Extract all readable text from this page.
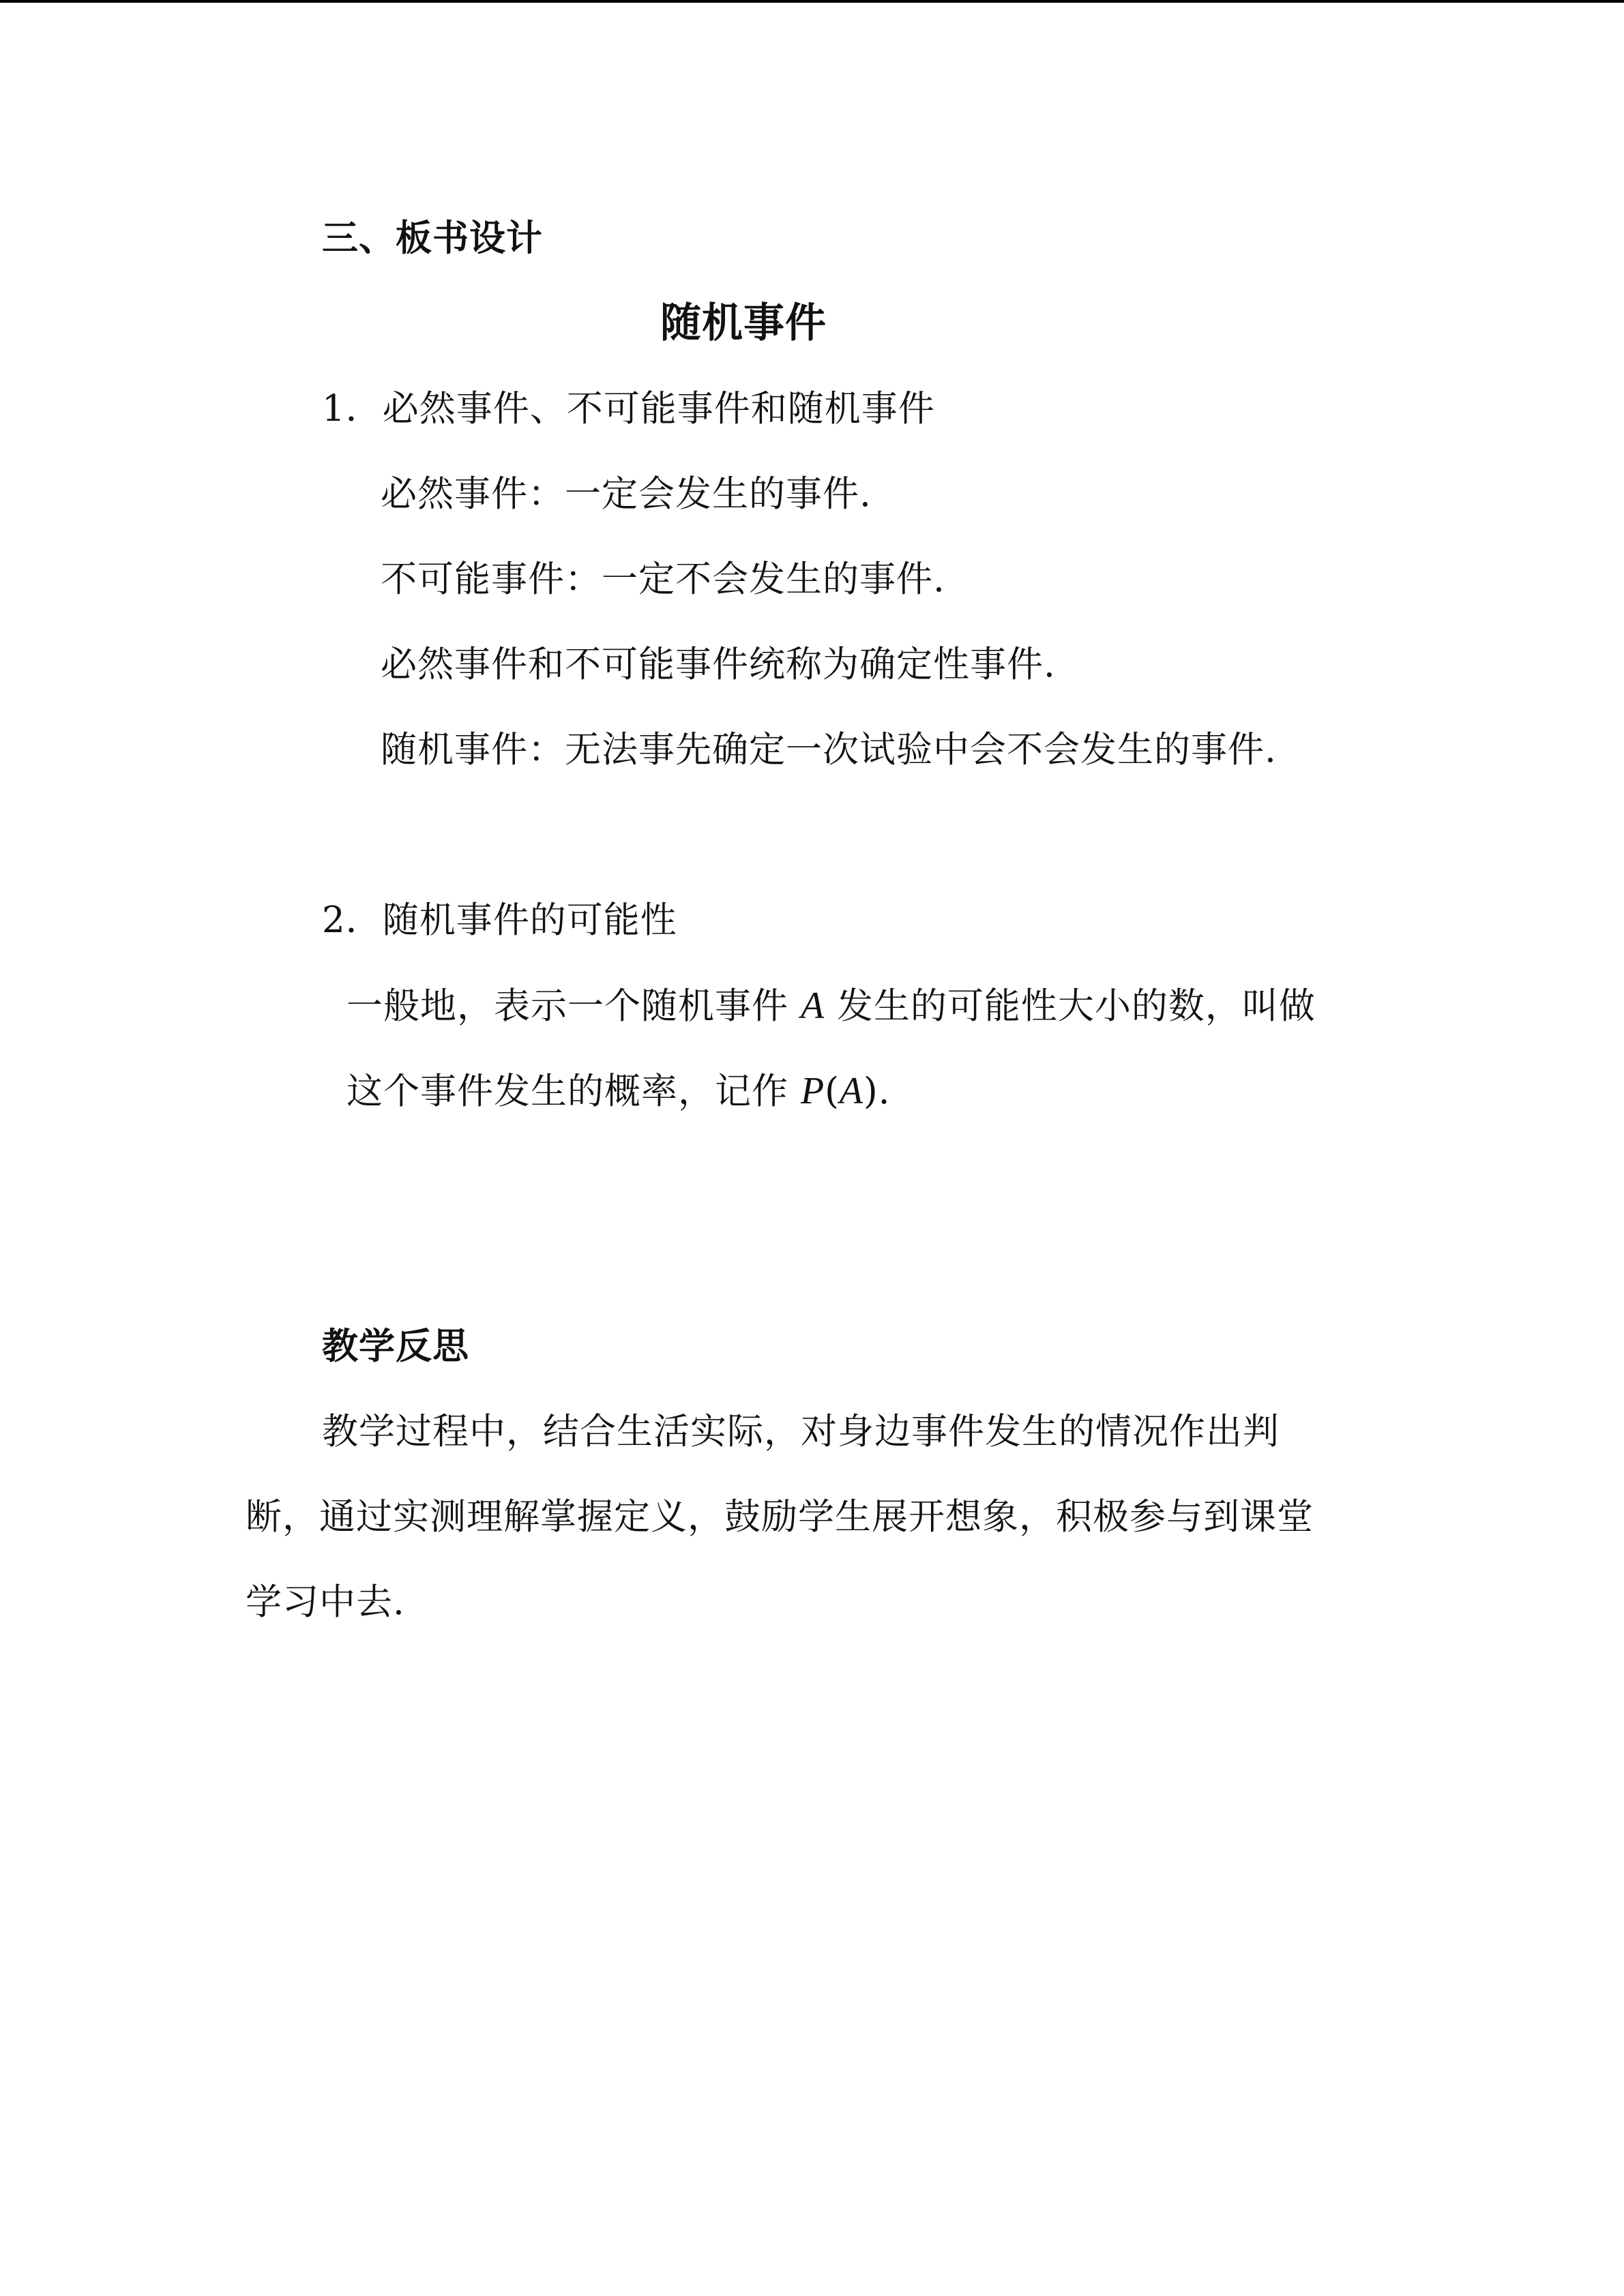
三、板书设计
随机事件
1．必然事件、不可能事件和随机事件
必然事件：一定会发生的事件.
不可能事件：一定不会发生的事件.
必然事件和不可能事件统称为确定性事件.
随机事件：无法事先确定一次试验中会不会发生的事件.
2．随机事件的可能性
一般地，表示一个随机事件 A 发生的可能性大小的数，叫做
这个事件发生的概率，记作 P(A).
教学反思
教学过程中，结合生活实际，对身边事件发生的情况作出判
断，通过实测理解掌握定义，鼓励学生展开想象，积极参与到课堂
学习中去.
